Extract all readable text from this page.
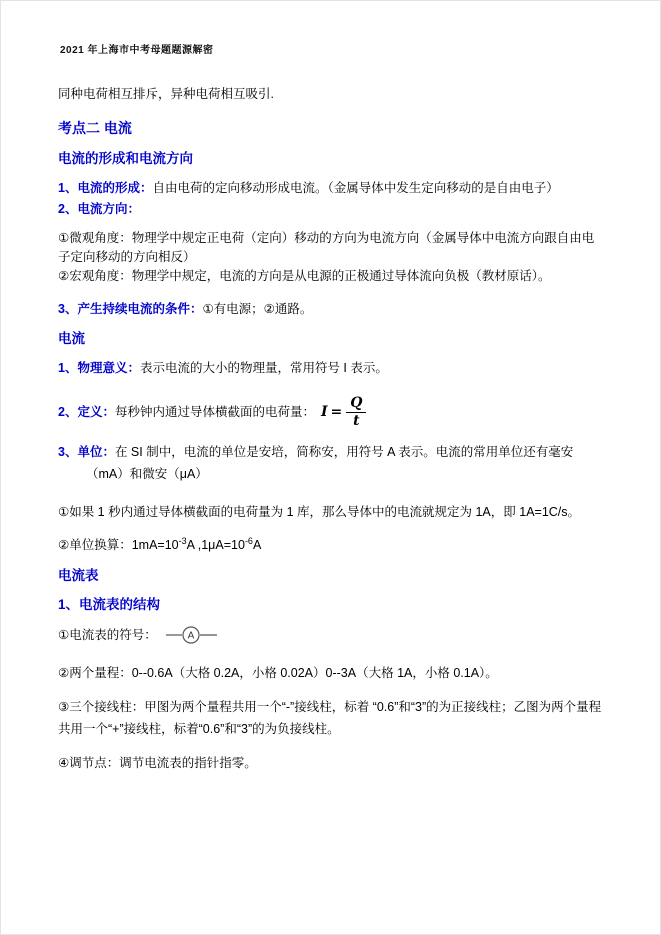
2021 年上海市中考母题题源解密

同种电荷相互排斥，异种电荷相互吸引.

考点二 电流
电流的形成和电流方向

1、电流的形成：自由电荷的定向移动形成电流。（金属导体中发生定向移动的是自由电子）
2、电流方向：

①微观角度：物理学中规定正电荷（定向）移动的方向为电流方向（金属导体中电流方向跟自由电子定向移动的方向相反）
②宏观角度：物理学中规定，电流的方向是从电源的正极通过导体流向负极（教材原话）。

3、产生持续电流的条件：①有电源；②通路。

电流

1、物理意义：表示电流的大小的物理量，常用符号 I 表示。

2、定义： 每秒钟内通过导体横截面的电荷量： $I = \frac{Q}{t}$

3、单位：在 SI 制中，电流的单位是安培，简称安，用符号 A 表示。电流的常用单位还有毫安（mA）和微安（μA）

①如果 1 秒内通过导体横截面的电荷量为 1 库，那么导体中的电流就规定为 1A，即 1A=1C/s。

②单位换算：$1mA=10^{-3}A$ $,1\mu A=10^{-6}A$

电流表
1、电流表的结构

①电流表的符号：	A

②两个量程：0--0.6A（大格 0.2A，小格 0.02A）0--3A（大格 1A，小格 0.1A）。

③三个接线柱：甲图为两个量程共用一个“-”接线柱，标着 “0.6”和“3”的为正接线柱；乙图为两个量程共用一个“+”接线柱，标着“0.6”和“3”的为负接线柱。

④调节点：调节电流表的指针指零。
